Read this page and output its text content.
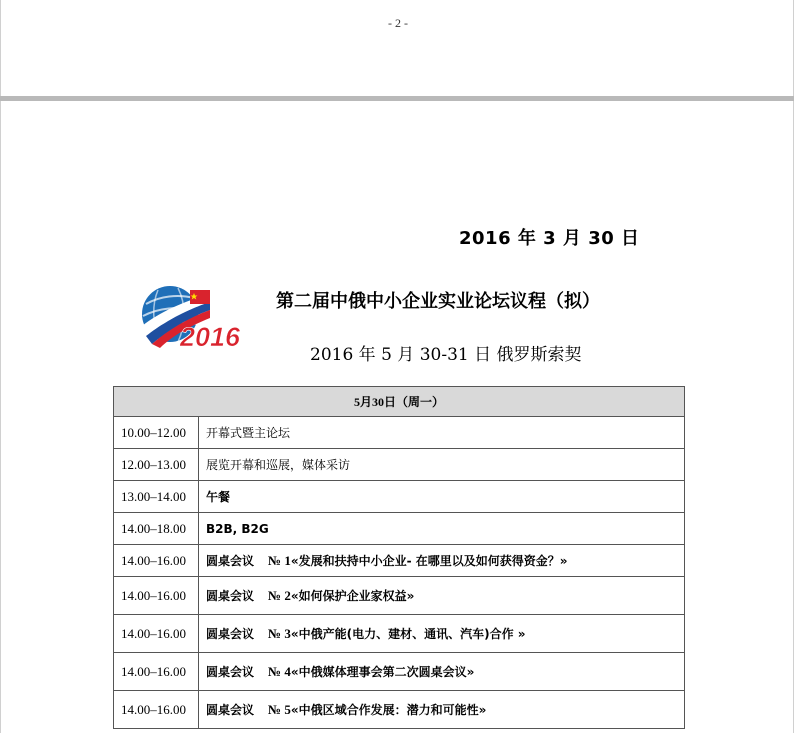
- 2 -
2016 年 3 月 30 日
2016
第二届中俄中小企业实业论坛议程（拟）
2016 年 5 月 30-31 日 俄罗斯索契
5月30日（周一）	
10.00–12.00	开幕式暨主论坛
12.00–13.00	展览开幕和巡展，媒体采访
13.00–14.00	午餐
14.00–18.00	B2B, B2G
14.00–16.00	圆桌会议 № 1«发展和扶持中小企业- 在哪里以及如何获得资金？»
14.00–16.00	圆桌会议 № 2«如何保护企业家权益»
14.00–16.00	圆桌会议 № 3«中俄产能(电力、建材、通讯、汽车)合作 »
14.00–16.00	圆桌会议 № 4«中俄媒体理事会第二次圆桌会议»
14.00–16.00	圆桌会议 № 5«中俄区域合作发展：潜力和可能性»
